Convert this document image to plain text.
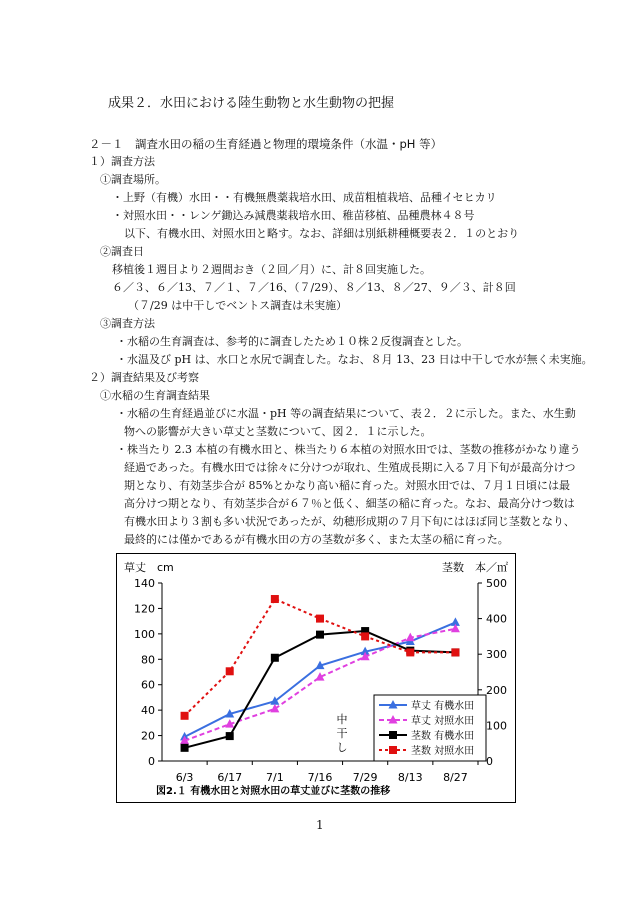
成果２．水田における陸生動物と水生動物の把握
２－１　調査水田の稲の生育経過と物理的環境条件（水温・pH 等）
１）調査方法
①調査場所。
・上野（有機）水田・・有機無農薬栽培水田、成苗粗植栽培、品種イセヒカリ
・対照水田・・レンゲ鋤込み減農薬栽培水田、稚苗移植、品種農林４８号
以下、有機水田、対照水田と略す。なお、詳細は別紙耕種概要表２．１のとおり
②調査日
移植後１週目より２週間おき（２回／月）に、計８回実施した。
６／３、６／13、７／１、７／16、（７/29）、８／13、８／27、９／３、計８回
（７/29 は中干しでベントス調査は未実施）
③調査方法
・水稲の生育調査は、参考的に調査したため１０株２反復調査とした。
・水温及び pH は、水口と水尻で調査した。なお、８月 13、23 日は中干しで水が無く未実施。
２）調査結果及び考察
①水稲の生育調査結果
・水稲の生育経過並びに水温・pH 等の調査結果について、表２．２に示した。また、水生動
物への影響が大きい草丈と茎数について、図２．１に示した。
・株当たり 2.3 本植の有機水田と、株当たり６本植の対照水田では、茎数の推移がかなり違う
経過であった。有機水田では徐々に分けつが取れ、生殖成長期に入る７月下旬が最高分けつ
期となり、有効茎歩合が 85%とかなり高い稲に育った。対照水田では、７月１日頃には最
高分けつ期となり、有効茎歩合が６７％と低く、細茎の稲に育った。なお、最高分けつ数は
有機水田より３割も多い状況であったが、幼穂形成期の７月下旬にはほぼ同じ茎数となり、
最終的には僅かであるが有機水田の方の茎数が多く、また太茎の稲に育った。
0
20
40
60
80
100
120
140
0
100
200
300
400
500
6/3 6/17 7/1 7/16 7/29 8/13 8/27
草丈　cm	茎数　本／㎡
図2.１ 有機水田と対照水田の草丈並びに茎数の推移
中
干
し
草丈 有機水田
草丈 対照水田
茎数 有機水田
茎数 対照水田
1
